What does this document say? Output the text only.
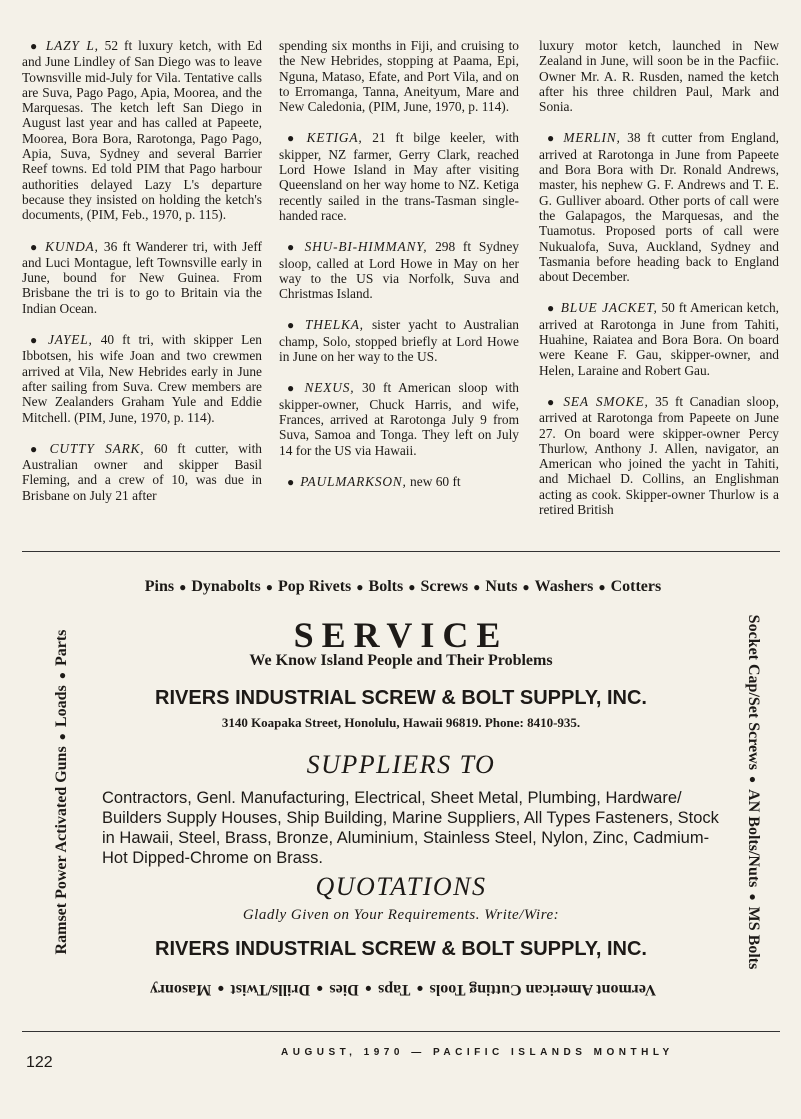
● LAZY L, 52 ft luxury ketch, with Ed and June Lindley of San Diego was to leave Townsville mid-July for Vila. Tentative calls are Suva, Pago Pago, Apia, Moorea, and the Marquesas. The ketch left San Diego in August last year and has called at Papeete, Moorea, Bora Bora, Rarotonga, Pago Pago, Apia, Suva, Sydney and several Barrier Reef towns. Ed told PIM that Pago harbour authorities delayed Lazy L's departure because they insisted on holding the ketch's documents, (PIM, Feb., 1970, p. 115).

● KUNDA, 36 ft Wanderer tri, with Jeff and Luci Montague, left Townsville early in June, bound for New Guinea. From Brisbane the tri is to go to Britain via the Indian Ocean.

● JAYEL, 40 ft tri, with skipper Len Ibbotsen, his wife Joan and two crewmen arrived at Vila, New Hebrides early in June after sailing from Suva. Crew members are New Zealanders Graham Yule and Eddie Mitchell. (PIM, June, 1970, p. 114).

● CUTTY SARK, 60 ft cutter, with Australian owner and skipper Basil Fleming, and a crew of 10, was due in Brisbane on July 21 after

spending six months in Fiji, and cruising to the New Hebrides, stopping at Paama, Epi, Nguna, Mataso, Efate, and Port Vila, and on to Erromanga, Tanna, Aneityum, Mare and New Caledonia, (PIM, June, 1970, p. 114).

● KETIGA, 21 ft bilge keeler, with skipper, NZ farmer, Gerry Clark, reached Lord Howe Island in May after visiting Queensland on her way home to NZ. Ketiga recently sailed in the trans-Tasman single-handed race.

● SHU-BI-HIMMANY, 298 ft Sydney sloop, called at Lord Howe in May on her way to the US via Norfolk, Suva and Christmas Island.

● THELKA, sister yacht to Australian champ, Solo, stopped briefly at Lord Howe in June on her way to the US.

● NEXUS, 30 ft American sloop with skipper-owner, Chuck Harris, and wife, Frances, arrived at Rarotonga July 9 from Suva, Samoa and Tonga. They left on July 14 for the US via Hawaii.

● PAULMARKSON, new 60 ft

luxury motor ketch, launched in New Zealand in June, will soon be in the Pacfiic. Owner Mr. A. R. Rusden, named the ketch after his three children Paul, Mark and Sonia.

● MERLIN, 38 ft cutter from England, arrived at Rarotonga in June from Papeete and Bora Bora with Dr. Ronald Andrews, master, his nephew G. F. Andrews and T. E. G. Gulliver aboard. Other ports of call were the Galapagos, the Marquesas, and the Tuamotus. Proposed ports of call were Nukualofa, Suva, Auckland, Sydney and Tasmania before heading back to England about December.

● BLUE JACKET, 50 ft American ketch, arrived at Rarotonga in June from Tahiti, Huahine, Raiatea and Bora Bora. On board were Keane F. Gau, skipper-owner, and Helen, Laraine and Robert Gau.

● SEA SMOKE, 35 ft Canadian sloop, arrived at Rarotonga from Papeete on June 27. On board were skipper-owner Percy Thurlow, Anthony J. Allen, navigator, an American who joined the yacht in Tahiti, and Michael D. Collins, an Englishman acting as cook. Skipper-owner Thurlow is a retired British

Pins ● Dynabolts ● Pop Rivets ● Bolts ● Screws ● Nuts ● Washers ● Cotters
Ramset Power Activated Guns●Loads●Parts	Socket Cap/Set Screws●AN Bolts/Nuts●MS Bolts
Vermont American Cutting Tools●Taps●Dies●Drills/Twist●Masonry
SERVICE
We Know Island People and Their Problems
RIVERS INDUSTRIAL SCREW & BOLT SUPPLY, INC.
3140 Koapaka Street, Honolulu, Hawaii 96819. Phone: 8410-935.
SUPPLIERS TO
Contractors, Genl. Manufacturing, Electrical, Sheet Metal, Plumbing, Hardware/ Builders Supply Houses, Ship Building, Marine Suppliers, All Types Fasteners, Stock in Hawaii, Steel, Brass, Bronze, Aluminium, Stainless Steel, Nylon, Zinc, Cadmium-Hot Dipped-Chrome on Brass.
QUOTATIONS
Gladly Given on Your Requirements. Write/Wire:
RIVERS INDUSTRIAL SCREW & BOLT SUPPLY, INC.
122
AUGUST, 1970 — PACIFIC ISLANDS MONTHLY
